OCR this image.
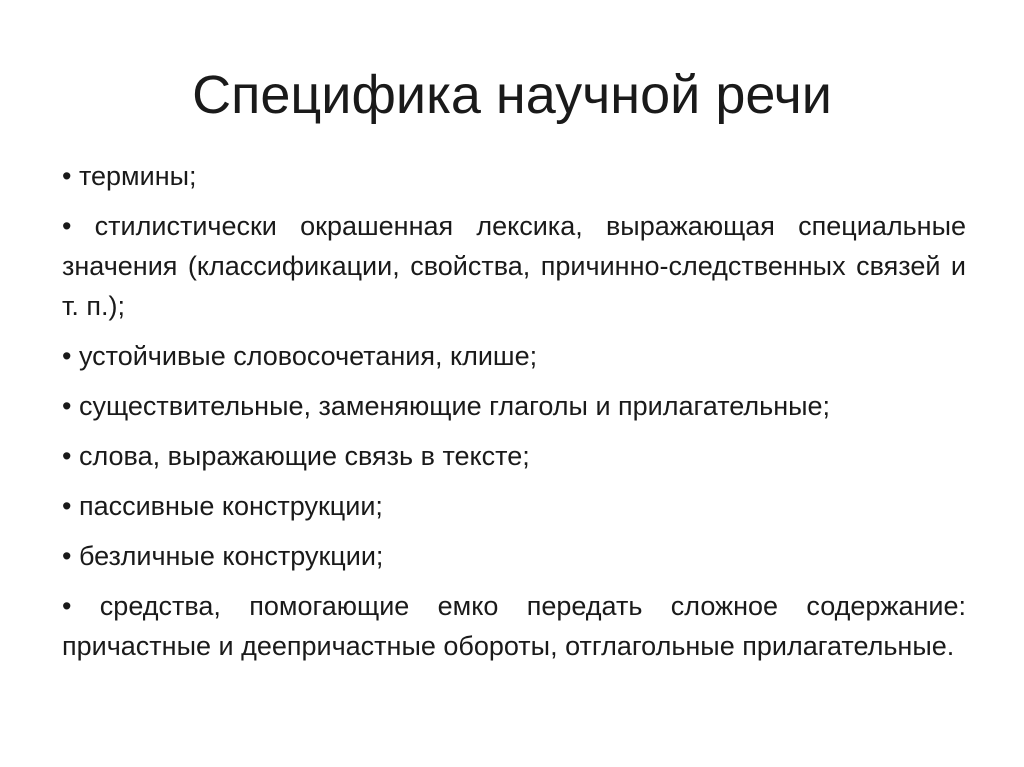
Специфика научной речи
• термины;
• стилистически окрашенная лексика, выражающая специальные значения (классификации, свойства, причинно-следственных связей и т. п.);
• устойчивые словосочетания, клише;
• существительные, заменяющие глаголы и прилагательные;
• слова, выражающие связь в тексте;
• пассивные конструкции;
• безличные конструкции;
• средства, помогающие емко передать сложное содержание: причастные и деепричастные обороты, отглагольные прилагательные.
